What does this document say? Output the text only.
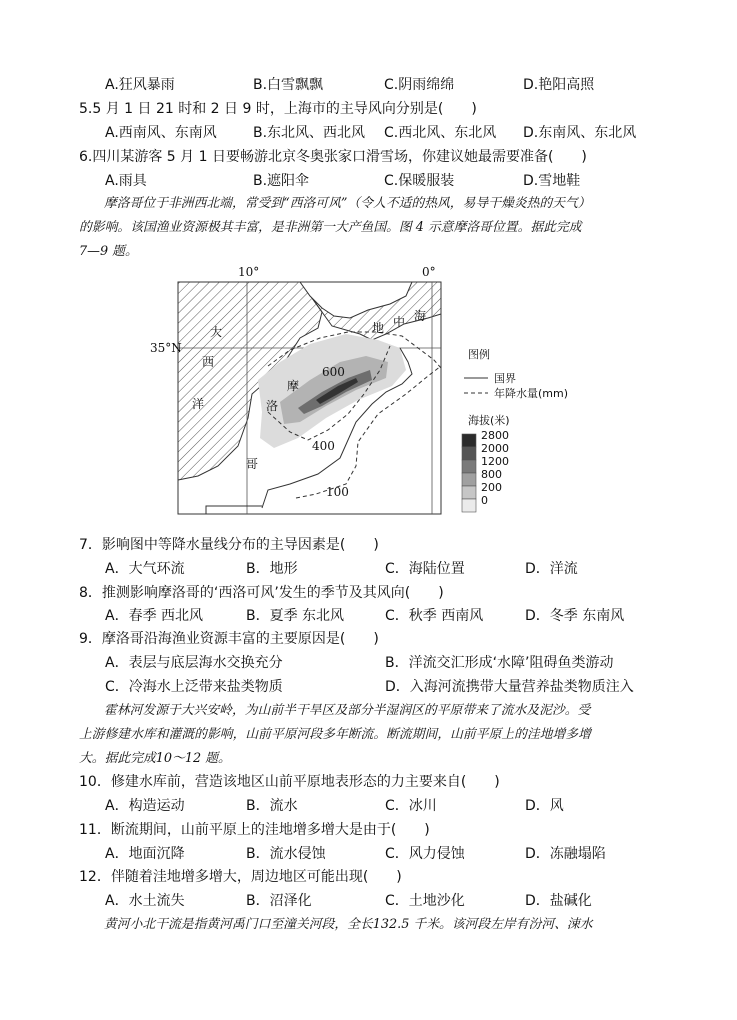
A.狂风暴雨	B.白雪飘飘	C.阴雨绵绵	D.艳阳高照
5.5 月 1 日 21 时和 2 日 9 时，上海市的主导风向分别是(　　)
A.西南风、东南风	B.东北风、西北风 C.西北风、东北风 D.东南风、东北风
6.四川某游客 5 月 1 日要畅游北京冬奥张家口滑雪场，你建议她最需要准备(　　)
A.雨具	B.遮阳伞	C.保暖服装	D.雪地鞋
摩洛哥位于非洲西北端，常受到“西洛可风”（令人不适的热风，易导干燥炎热的天气）
的影响。该国渔业资源极其丰富，是非洲第一大产鱼国。图 4 示意摩洛哥位置。据此完成
7—9 题。
10°	0°
35°N
大
西
洋
地 中 海
摩
洛
哥
600
400
100
图例
国界
年降水量(mm)
海拔(米)
2800
2000
1200
800
200
0
7．影响图中等降水量线分布的主导因素是(　　)
A．大气环流	B．地形	C．海陆位置	D．洋流
8．推测影响摩洛哥的‘西洛可风’发生的季节及其风向(　　)
A．春季 西北风	B．夏季 东北风	C．秋季 西南风	D．冬季 东南风
9．摩洛哥沿海渔业资源丰富的主要原因是(　　)
A．表层与底层海水交换充分	B．洋流交汇形成‘水障’阻碍鱼类游动
C．冷海水上泛带来盐类物质	D．入海河流携带大量营养盐类物质注入
霍林河发源于大兴安岭，为山前半干旱区及部分半湿润区的平原带来了流水及泥沙。受
上游修建水库和灌溉的影响，山前平原河段多年断流。断流期间，山前平原上的洼地增多增
大。据此完成10～12 题。
10．修建水库前，营造该地区山前平原地表形态的力主要来自(　　)
A．构造运动	B．流水	C．冰川	D．风
11．断流期间，山前平原上的洼地增多增大是由于(　　)
A．地面沉降	B．流水侵蚀	C．风力侵蚀	D．冻融塌陷
12．伴随着洼地增多增大，周边地区可能出现(　　)
A．水土流失	B．沼泽化	C．土地沙化	D．盐碱化
黄河小北干流是指黄河禹门口至潼关河段，全长132.5 千米。该河段左岸有汾河、涑水
